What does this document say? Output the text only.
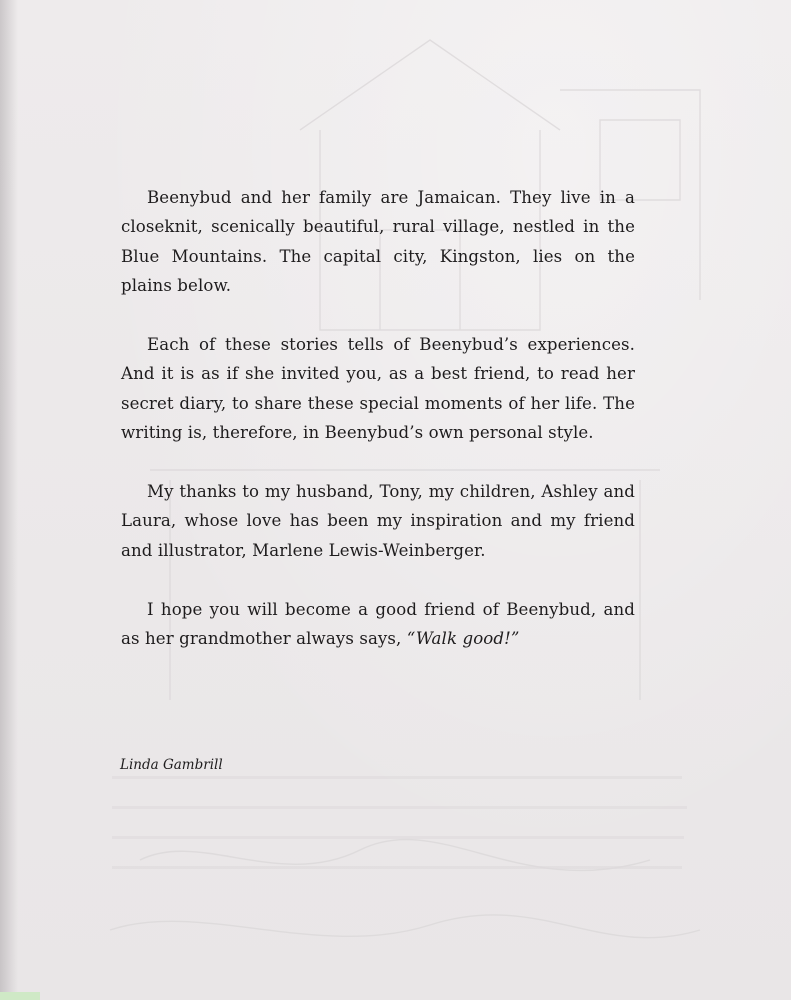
Beenybud and her family are Jamaican. They live in a closeknit, scenically beautiful, rural village, nestled in the Blue Mountains. The capital city, Kingston, lies on the plains below.

Each of these stories tells of Beenybud’s experiences. And it is as if she invited you, as a best friend, to read her secret diary, to share these special moments of her life. The writing is, therefore, in Beenybud’s own personal style.

My thanks to my husband, Tony, my children, Ashley and Laura, whose love has been my inspiration and my friend and illustrator, Marlene Lewis-Weinberger.

I hope you will become a good friend of Beenybud, and as her grandmother always says, “Walk good!”

Linda Gambrill
